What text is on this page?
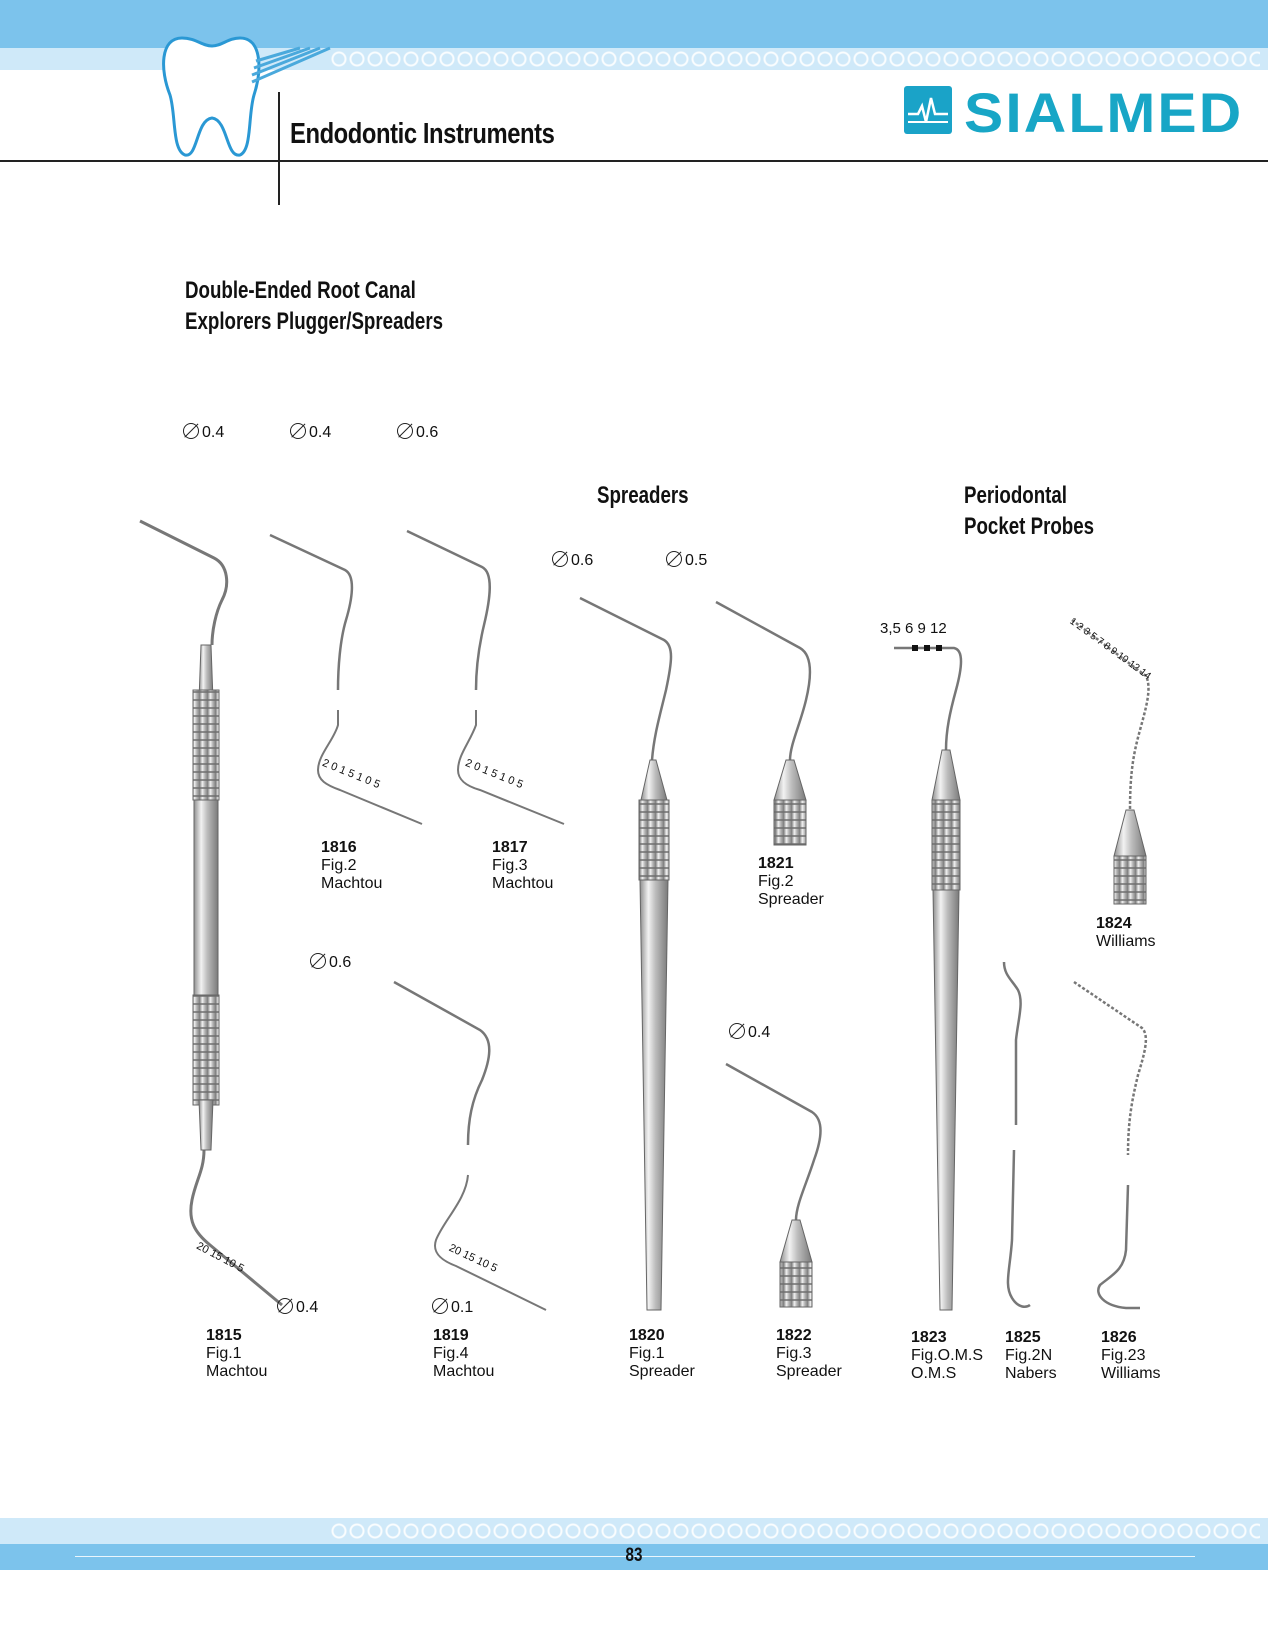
Endodontic Instruments	SIALMED
Double-Ended Root Canal
Explorers Plugger/Spreaders
Spreaders	Periodontal
Pocket Probes
0.4	0.4	0.6
0.6
0.6	0.5
0.4
0.4	0.1
2 0 1 5 1 0 5	2 0 1 5 1 0 5
20 15 10 5	20 15 10 5
3,5 6 9 12	1 2 3 5 7 8 9 10 12 14
1815
Fig.1
Machtou
1816
Fig.2
Machtou
1817
Fig.3
Machtou
1819
Fig.4
Machtou
1820
Fig.1
Spreader
1821
Fig.2
Spreader
1822
Fig.3
Spreader
1823
Fig.O.M.S
O.M.S
1824
Williams
1825
Fig.2N
Nabers
1826
Fig.23
Williams
83
